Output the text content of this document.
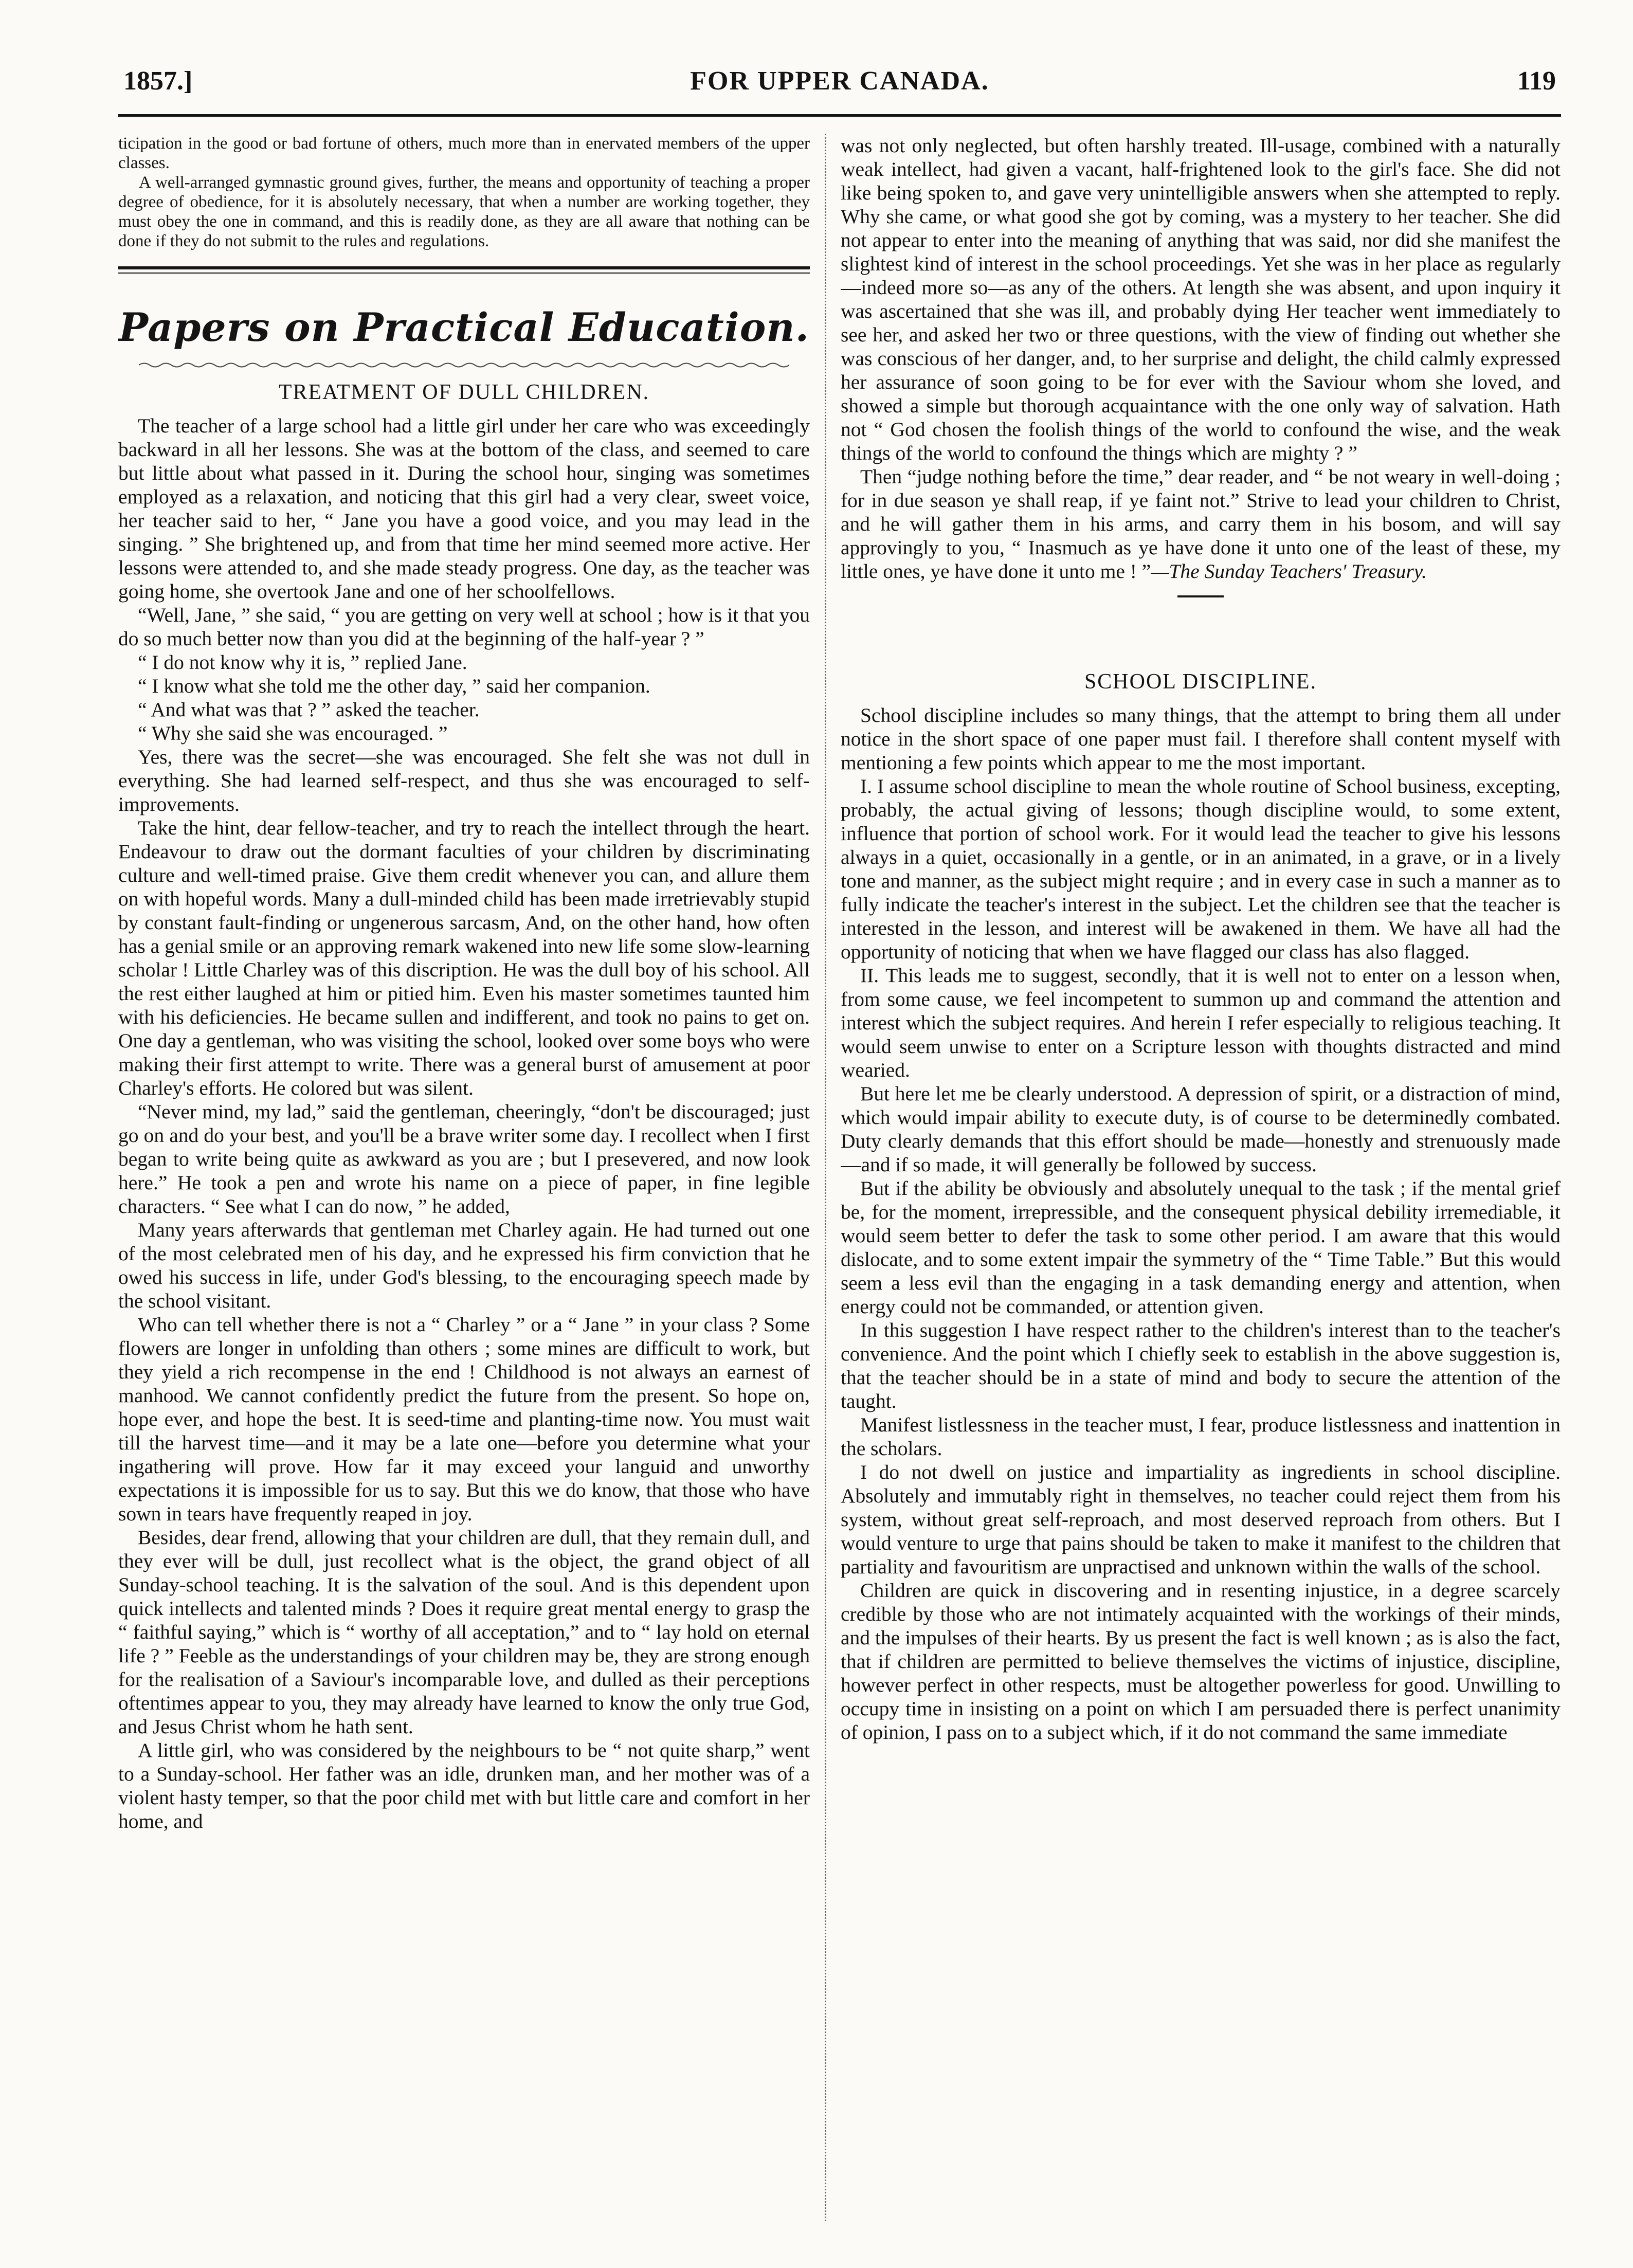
FOR UPPER CANADA.
1857.]	119

ticipation in the good or bad fortune of others, much more than in enervated members of the upper classes.

A well-arranged gymnastic ground gives, further, the means and opportunity of teaching a proper degree of obedience, for it is absolutely necessary, that when a number are working together, they must obey the one in command, and this is readily done, as they are all aware that nothing can be done if they do not submit to the rules and regulations.

Papers on Practical Education.
TREATMENT OF DULL CHILDREN.

The teacher of a large school had a little girl under her care who was exceedingly backward in all her lessons. She was at the bottom of the class, and seemed to care but little about what passed in it. During the school hour, singing was sometimes employed as a relaxation, and noticing that this girl had a very clear, sweet voice, her teacher said to her, “ Jane you have a good voice, and you may lead in the singing. ” She brightened up, and from that time her mind seemed more active. Her lessons were attended to, and she made steady progress. One day, as the teacher was going home, she overtook Jane and one of her schoolfellows.

“Well, Jane, ” she said, “ you are getting on very well at school ; how is it that you do so much better now than you did at the beginning of the half-year ? ”

“ I do not know why it is, ” replied Jane.

“ I know what she told me the other day, ” said her companion.

“ And what was that ? ” asked the teacher.

“ Why she said she was encouraged. ”

Yes, there was the secret—she was encouraged. She felt she was not dull in everything. She had learned self-respect, and thus she was encouraged to self-improvements.

Take the hint, dear fellow-teacher, and try to reach the intellect through the heart. Endeavour to draw out the dormant faculties of your children by discriminating culture and well-timed praise. Give them credit whenever you can, and allure them on with hopeful words. Many a dull-minded child has been made irretrievably stupid by constant fault-finding or ungenerous sarcasm, And, on the other hand, how often has a genial smile or an approving remark wakened into new life some slow-learning scholar ! Little Charley was of this discription. He was the dull boy of his school. All the rest either laughed at him or pitied him. Even his master sometimes taunted him with his deficiencies. He became sullen and indifferent, and took no pains to get on. One day a gentleman, who was visiting the school, looked over some boys who were making their first attempt to write. There was a general burst of amusement at poor Charley's efforts. He colored but was silent.

“Never mind, my lad,” said the gentleman, cheeringly, “don't be discouraged; just go on and do your best, and you'll be a brave writer some day. I recollect when I first began to write being quite as awkward as you are ; but I presevered, and now look here.” He took a pen and wrote his name on a piece of paper, in fine legible characters. “ See what I can do now, ” he added,

Many years afterwards that gentleman met Charley again. He had turned out one of the most celebrated men of his day, and he expressed his firm conviction that he owed his success in life, under God's blessing, to the encouraging speech made by the school visitant.

Who can tell whether there is not a “ Charley ” or a “ Jane ” in your class ? Some flowers are longer in unfolding than others ; some mines are difficult to work, but they yield a rich recompense in the end ! Childhood is not always an earnest of manhood. We cannot confidently predict the future from the present. So hope on, hope ever, and hope the best. It is seed-time and planting-time now. You must wait till the harvest time—and it may be a late one—before you determine what your ingathering will prove. How far it may exceed your languid and unworthy expectations it is impossible for us to say. But this we do know, that those who have sown in tears have frequently reaped in joy.

Besides, dear frend, allowing that your children are dull, that they remain dull, and they ever will be dull, just recollect what is the object, the grand object of all Sunday-school teaching. It is the salvation of the soul. And is this dependent upon quick intellects and talented minds ? Does it require great mental energy to grasp the “ faithful saying,” which is “ worthy of all acceptation,” and to “ lay hold on eternal life ? ” Feeble as the understandings of your children may be, they are strong enough for the realisation of a Saviour's incomparable love, and dulled as their perceptions oftentimes appear to you, they may already have learned to know the only true God, and Jesus Christ whom he hath sent.

A little girl, who was considered by the neighbours to be “ not quite sharp,” went to a Sunday-school. Her father was an idle, drunken man, and her mother was of a violent hasty temper, so that the poor child met with but little care and comfort in her home, and

was not only neglected, but often harshly treated. Ill-usage, combined with a naturally weak intellect, had given a vacant, half-frightened look to the girl's face. She did not like being spoken to, and gave very unintelligible answers when she attempted to reply. Why she came, or what good she got by coming, was a mystery to her teacher. She did not appear to enter into the meaning of anything that was said, nor did she manifest the slightest kind of interest in the school proceedings. Yet she was in her place as regularly—indeed more so—as any of the others. At length she was absent, and upon inquiry it was ascertained that she was ill, and probably dying Her teacher went immediately to see her, and asked her two or three questions, with the view of finding out whether she was conscious of her danger, and, to her surprise and delight, the child calmly expressed her assurance of soon going to be for ever with the Saviour whom she loved, and showed a simple but thorough acquaintance with the one only way of salvation. Hath not “ God chosen the foolish things of the world to confound the wise, and the weak things of the world to confound the things which are mighty ? ”

Then “judge nothing before the time,” dear reader, and “ be not weary in well-doing ; for in due season ye shall reap, if ye faint not.” Strive to lead your children to Christ, and he will gather them in his arms, and carry them in his bosom, and will say approvingly to you, “ Inasmuch as ye have done it unto one of the least of these, my little ones, ye have done it unto me ! ”—The Sunday Teachers' Treasury.

SCHOOL DISCIPLINE.

School discipline includes so many things, that the attempt to bring them all under notice in the short space of one paper must fail. I therefore shall content myself with mentioning a few points which appear to me the most important.

I. I assume school discipline to mean the whole routine of School business, excepting, probably, the actual giving of lessons; though discipline would, to some extent, influence that portion of school work. For it would lead the teacher to give his lessons always in a quiet, occasionally in a gentle, or in an animated, in a grave, or in a lively tone and manner, as the subject might require ; and in every case in such a manner as to fully indicate the teacher's interest in the subject. Let the children see that the teacher is interested in the lesson, and interest will be awakened in them. We have all had the opportunity of noticing that when we have flagged our class has also flagged.

II. This leads me to suggest, secondly, that it is well not to enter on a lesson when, from some cause, we feel incompetent to summon up and command the attention and interest which the subject requires. And herein I refer especially to religious teaching. It would seem unwise to enter on a Scripture lesson with thoughts distracted and mind wearied.

But here let me be clearly understood. A depression of spirit, or a distraction of mind, which would impair ability to execute duty, is of course to be determinedly combated. Duty clearly demands that this effort should be made—honestly and strenuously made—and if so made, it will generally be followed by success.

But if the ability be obviously and absolutely unequal to the task ; if the mental grief be, for the moment, irrepressible, and the consequent physical debility irremediable, it would seem better to defer the task to some other period. I am aware that this would dislocate, and to some extent impair the symmetry of the “ Time Table.” But this would seem a less evil than the engaging in a task demanding energy and attention, when energy could not be commanded, or attention given.

In this suggestion I have respect rather to the children's interest than to the teacher's convenience. And the point which I chiefly seek to establish in the above suggestion is, that the teacher should be in a state of mind and body to secure the attention of the taught.

Manifest listlessness in the teacher must, I fear, produce listlessness and inattention in the scholars.

I do not dwell on justice and impartiality as ingredients in school discipline. Absolutely and immutably right in themselves, no teacher could reject them from his system, without great self-reproach, and most deserved reproach from others. But I would venture to urge that pains should be taken to make it manifest to the children that partiality and favouritism are unpractised and unknown within the walls of the school.

Children are quick in discovering and in resenting injustice, in a degree scarcely credible by those who are not intimately acquainted with the workings of their minds, and the impulses of their hearts. By us present the fact is well known ; as is also the fact, that if children are permitted to believe themselves the victims of injustice, discipline, however perfect in other respects, must be altogether powerless for good. Unwilling to occupy time in insisting on a point on which I am persuaded there is perfect unanimity of opinion, I pass on to a subject which, if it do not command the same immediate
